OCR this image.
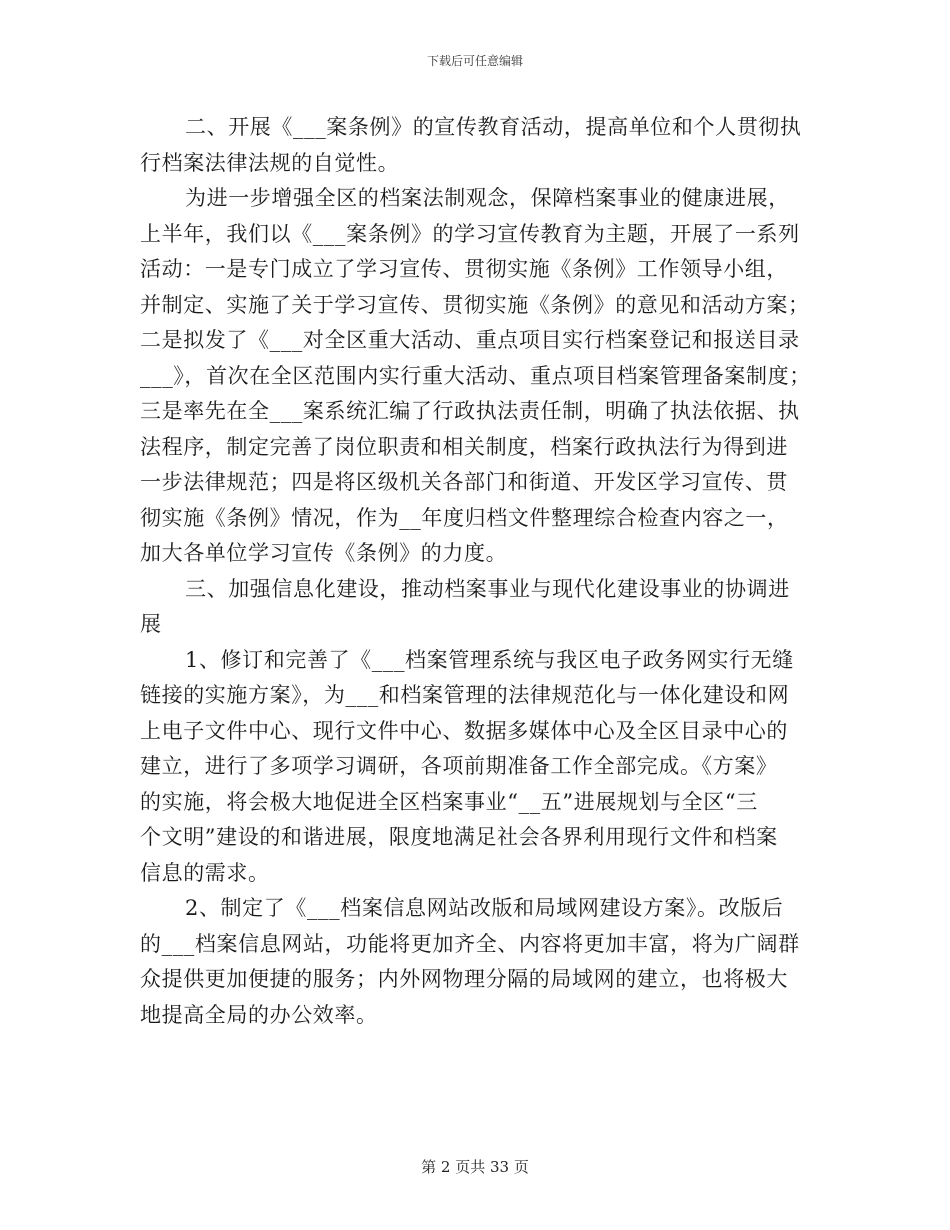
下载后可任意编辑
二、开展《___案条例》的宣传教育活动，提高单位和个人贯彻执
行档案法律法规的自觉性。
为进一步增强全区的档案法制观念，保障档案事业的健康进展，
上半年，我们以《___案条例》的学习宣传教育为主题，开展了一系列
活动：一是专门成立了学习宣传、贯彻实施《条例》工作领导小组，
并制定、实施了关于学习宣传、贯彻实施《条例》的意见和活动方案；
二是拟发了《___对全区重大活动、重点项目实行档案登记和报送目录
___》，首次在全区范围内实行重大活动、重点项目档案管理备案制度；
三是率先在全___案系统汇编了行政执法责任制，明确了执法依据、执
法程序，制定完善了岗位职责和相关制度，档案行政执法行为得到进
一步法律规范；四是将区级机关各部门和街道、开发区学习宣传、贯
彻实施《条例》情况，作为__年度归档文件整理综合检查内容之一，
加大各单位学习宣传《条例》的力度。
三、加强信息化建设，推动档案事业与现代化建设事业的协调进
展
1、修订和完善了《___档案管理系统与我区电子政务网实行无缝
链接的实施方案》，为___和档案管理的法律规范化与一体化建设和网
上电子文件中心、现行文件中心、数据多媒体中心及全区目录中心的
建立，进行了多项学习调研，各项前期准备工作全部完成。《方案》
的实施，将会极大地促进全区档案事业“__五”进展规划与全区“三
个文明”建设的和谐进展，限度地满足社会各界利用现行文件和档案
信息的需求。
2、制定了《___档案信息网站改版和局域网建设方案》。改版后
的___档案信息网站，功能将更加齐全、内容将更加丰富，将为广阔群
众提供更加便捷的服务；内外网物理分隔的局域网的建立，也将极大
地提高全局的办公效率。
第 2 页共 33 页
